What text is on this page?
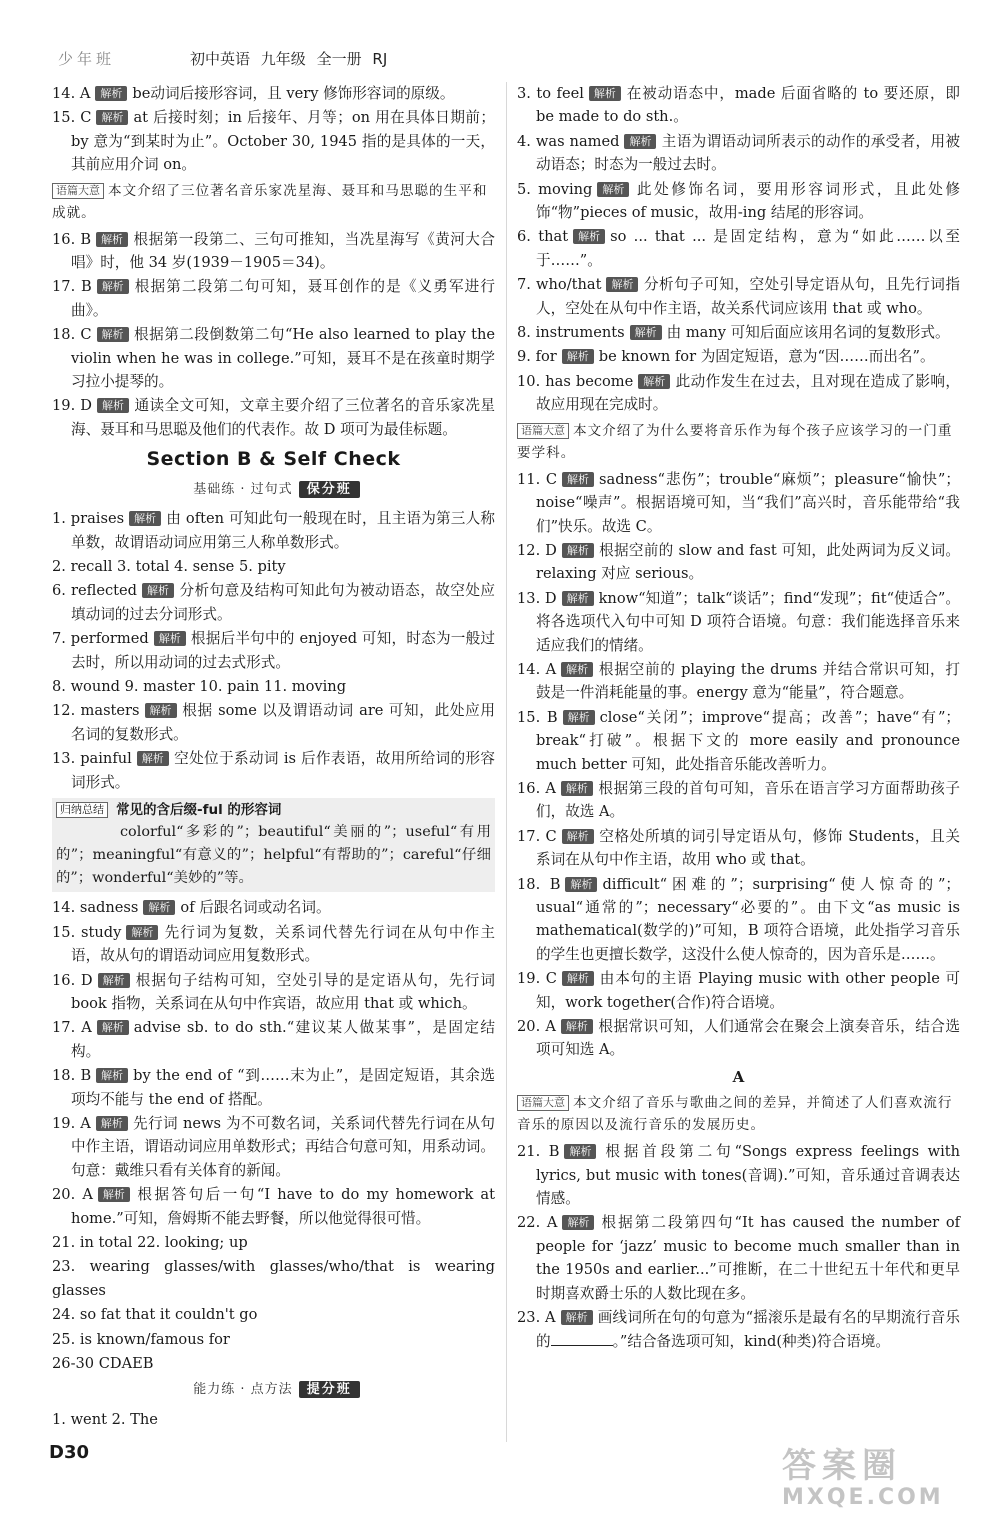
少年班	初中英语 九年级 全一册 RJ
14. A 解析 be动词后接形容词，且 very 修饰形容词的原级。
15. C 解析 at 后接时刻；in 后接年、月等；on 用在具体日期前；by 意为“到某时为止”。October 30, 1945 指的是具体的一天，其前应用介词 on。
语篇大意 本文介绍了三位著名音乐家冼星海、聂耳和马思聪的生平和成就。
16. B 解析 根据第一段第二、三句可推知，当冼星海写《黄河大合唱》时，他 34 岁(1939－1905＝34)。
17. B 解析 根据第二段第二句可知，聂耳创作的是《义勇军进行曲》。
18. C 解析 根据第二段倒数第二句“He also learned to play the violin when he was in college.”可知，聂耳不是在孩童时期学习拉小提琴的。
19. D 解析 通读全文可知，文章主要介绍了三位著名的音乐家冼星海、聂耳和马思聪及他们的代表作。故 D 项可为最佳标题。
Section B & Self Check
基础练 · 过句式 保分班
1. praises 解析 由 often 可知此句一般现在时，且主语为第三人称单数，故谓语动词应用第三人称单数形式。
2. recall 3. total 4. sense 5. pity
6. reflected 解析 分析句意及结构可知此句为被动语态，故空处应填动词的过去分词形式。
7. performed 解析 根据后半句中的 enjoyed 可知，时态为一般过去时，所以用动词的过去式形式。
8. wound 9. master 10. pain 11. moving
12. masters 解析 根据 some 以及谓语动词 are 可知，此处应用名词的复数形式。
13. painful 解析 空处位于系动词 is 后作表语，故用所给词的形容词形式。
归纳总结 常见的含后缀-ful 的形容词
colorful“多彩的”；beautiful“美丽的”；useful“有用的”；meaningful“有意义的”；helpful“有帮助的”；careful“仔细的”；wonderful“美妙的”等。
14. sadness 解析 of 后跟名词或动名词。
15. study 解析 先行词为复数，关系词代替先行词在从句中作主语，故从句的谓语动词应用复数形式。
16. D 解析 根据句子结构可知，空处引导的是定语从句，先行词 book 指物，关系词在从句中作宾语，故应用 that 或 which。
17. A 解析 advise sb. to do sth.“建议某人做某事”，是固定结构。
18. B 解析 by the end of “到……末为止”，是固定短语，其余选项均不能与 the end of 搭配。
19. A 解析 先行词 news 为不可数名词，关系词代替先行词在从句中作主语，谓语动词应用单数形式；再结合句意可知，用系动词。句意：戴维只看有关体育的新闻。
20. A 解析 根据答句后一句“I have to do my homework at home.”可知，詹姆斯不能去野餐，所以他觉得很可惜。
21. in total 22. looking; up
23. wearing glasses/with glasses/who/that is wearing glasses
24. so fat that it couldn't go
25. is known/famous for
26-30 CDAEB
能力练 · 点方法 提分班
1. went 2. The
3. to feel 解析 在被动语态中，made 后面省略的 to 要还原，即 be made to do sth.。
4. was named 解析 主语为谓语动词所表示的动作的承受者，用被动语态；时态为一般过去时。
5. moving 解析 此处修饰名词，要用形容词形式，且此处修饰“物”pieces of music，故用-ing 结尾的形容词。
6. that 解析 so ... that ... 是固定结构，意为“如此……以至于……”。
7. who/that 解析 分析句子可知，空处引导定语从句，且先行词指人，空处在从句中作主语，故关系代词应该用 that 或 who。
8. instruments 解析 由 many 可知后面应该用名词的复数形式。
9. for 解析 be known for 为固定短语，意为“因……而出名”。
10. has become 解析 此动作发生在过去，且对现在造成了影响，故应用现在完成时。
语篇大意 本文介绍了为什么要将音乐作为每个孩子应该学习的一门重要学科。
11. C 解析 sadness“悲伤”；trouble“麻烦”；pleasure“愉快”；noise“噪声”。根据语境可知，当“我们”高兴时，音乐能带给“我们”快乐。故选 C。
12. D 解析 根据空前的 slow and fast 可知，此处两词为反义词。relaxing 对应 serious。
13. D 解析 know“知道”；talk“谈话”；find“发现”；fit“使适合”。将各选项代入句中可知 D 项符合语境。句意：我们能选择音乐来适应我们的情绪。
14. A 解析 根据空前的 playing the drums 并结合常识可知，打鼓是一件消耗能量的事。energy 意为“能量”，符合题意。
15. B 解析 close“关闭”；improve“提高；改善”；have“有”；break“打破”。根据下文的 more easily and pronounce much better 可知，此处指音乐能改善听力。
16. A 解析 根据第三段的首句可知，音乐在语言学习方面帮助孩子们，故选 A。
17. C 解析 空格处所填的词引导定语从句，修饰 Students，且关系词在从句中作主语，故用 who 或 that。
18. B 解析 difficult“困难的”；surprising“使人惊奇的”；usual“通常的”；necessary“必要的”。由下文“as music is mathematical(数学的)”可知，B 项符合语境，此处指学习音乐的学生也更擅长数学，这没什么使人惊奇的，因为音乐是……。
19. C 解析 由本句的主语 Playing music with other people 可知，work together(合作)符合语境。
20. A 解析 根据常识可知，人们通常会在聚会上演奏音乐，结合选项可知选 A。
A
语篇大意 本文介绍了音乐与歌曲之间的差异，并简述了人们喜欢流行音乐的原因以及流行音乐的发展历史。
21. B 解析 根据首段第二句“Songs express feelings with lyrics, but music with tones(音调).”可知，音乐通过音调表达情感。
22. A 解析 根据第二段第四句“It has caused the number of people for ‘jazz’ music to become much smaller than in the 1950s and earlier...”可推断，在二十世纪五十年代和更早时期喜欢爵士乐的人数比现在多。
23. A 解析 画线词所在句的句意为“摇滚乐是最有名的早期流行音乐的	。”结合备选项可知，kind(种类)符合语境。
D30	答案圈
MXQE.COM
